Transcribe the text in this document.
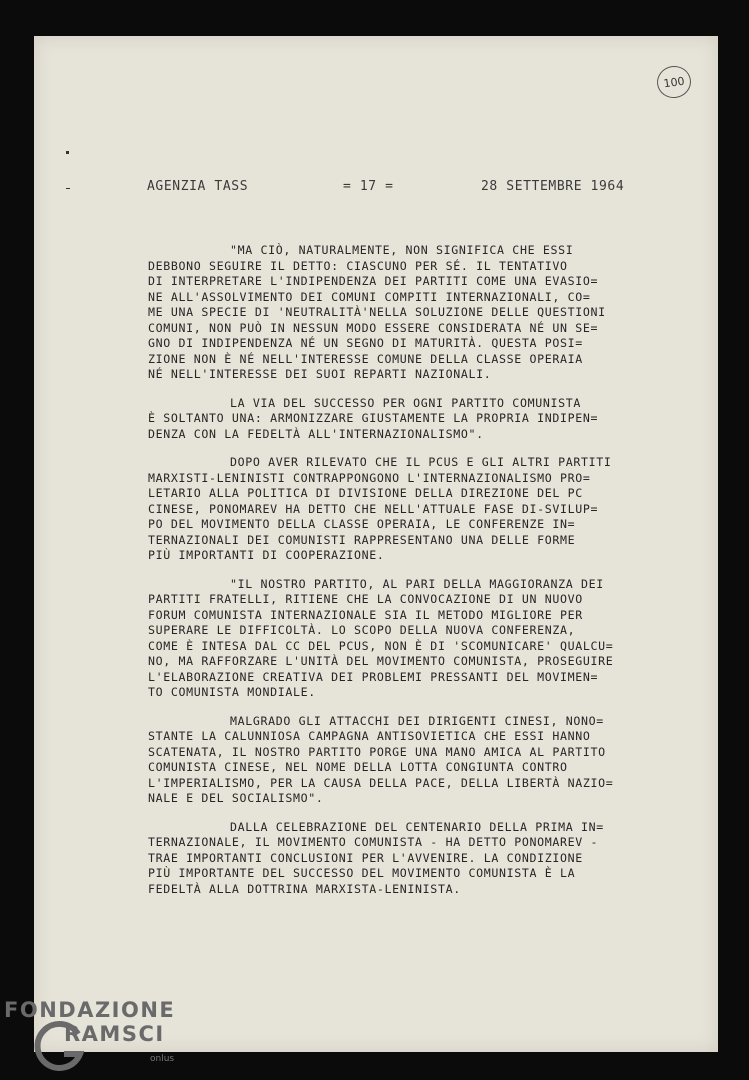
100
AGENZIA TASS	= 17 =	28 SETTEMBRE 1964
"MA CIÒ, NATURALMENTE, NON SIGNIFICA CHE ESSI
DEBBONO SEGUIRE IL DETTO: CIASCUNO PER SÉ. IL TENTATIVO
DI INTERPRETARE L'INDIPENDENZA DEI PARTITI COME UNA EVASIO=
NE ALL'ASSOLVIMENTO DEI COMUNI COMPITI INTERNAZIONALI, CO=
ME UNA SPECIE DI 'NEUTRALITÀ'NELLA SOLUZIONE DELLE QUESTIONI
COMUNI, NON PUÒ IN NESSUN MODO ESSERE CONSIDERATA NÉ UN SE=
GNO DI INDIPENDENZA NÉ UN SEGNO DI MATURITÀ. QUESTA POSI=
ZIONE NON È NÉ NELL'INTERESSE COMUNE DELLA CLASSE OPERAIA
NÉ NELL'INTERESSE DEI SUOI REPARTI NAZIONALI.
LA VIA DEL SUCCESSO PER OGNI PARTITO COMUNISTA
È SOLTANTO UNA: ARMONIZZARE GIUSTAMENTE LA PROPRIA INDIPEN=
DENZA CON LA FEDELTÀ ALL'INTERNAZIONALISMO".
DOPO AVER RILEVATO CHE IL PCUS E GLI ALTRI PARTITI
MARXISTI-LENINISTI CONTRAPPONGONO L'INTERNAZIONALISMO PRO=
LETARIO ALLA POLITICA DI DIVISIONE DELLA DIREZIONE DEL PC
CINESE, PONOMAREV HA DETTO CHE NELL'ATTUALE FASE DI-SVILUP=
PO DEL MOVIMENTO DELLA CLASSE OPERAIA, LE CONFERENZE IN=
TERNAZIONALI DEI COMUNISTI RAPPRESENTANO UNA DELLE FORME
PIÙ IMPORTANTI DI COOPERAZIONE.
"IL NOSTRO PARTITO, AL PARI DELLA MAGGIORANZA DEI
PARTITI FRATELLI, RITIENE CHE LA CONVOCAZIONE DI UN NUOVO
FORUM COMUNISTA INTERNAZIONALE SIA IL METODO MIGLIORE PER
SUPERARE LE DIFFICOLTÀ. LO SCOPO DELLA NUOVA CONFERENZA,
COME È INTESA DAL CC DEL PCUS, NON È DI 'SCOMUNICARE' QUALCU=
NO, MA RAFFORZARE L'UNITÀ DEL MOVIMENTO COMUNISTA, PROSEGUIRE
L'ELABORAZIONE CREATIVA DEI PROBLEMI PRESSANTI DEL MOVIMEN=
TO COMUNISTA MONDIALE.
MALGRADO GLI ATTACCHI DEI DIRIGENTI CINESI, NONO=
STANTE LA CALUNNIOSA CAMPAGNA ANTISOVIETICA CHE ESSI HANNO
SCATENATA, IL NOSTRO PARTITO PORGE UNA MANO AMICA AL PARTITO
COMUNISTA CINESE, NEL NOME DELLA LOTTA CONGIUNTA CONTRO
L'IMPERIALISMO, PER LA CAUSA DELLA PACE, DELLA LIBERTÀ NAZIO=
NALE E DEL SOCIALISMO".
DALLA CELEBRAZIONE DEL CENTENARIO DELLA PRIMA IN=
TERNAZIONALE, IL MOVIMENTO COMUNISTA - HA DETTO PONOMAREV -
TRAE IMPORTANTI CONCLUSIONI PER L'AVVENIRE. LA CONDIZIONE
PIÙ IMPORTANTE DEL SUCCESSO DEL MOVIMENTO COMUNISTA È LA
FEDELTÀ ALLA DOTTRINA MARXISTA-LENINISTA.
FONDAZIONE
RAMSCI
onlus
